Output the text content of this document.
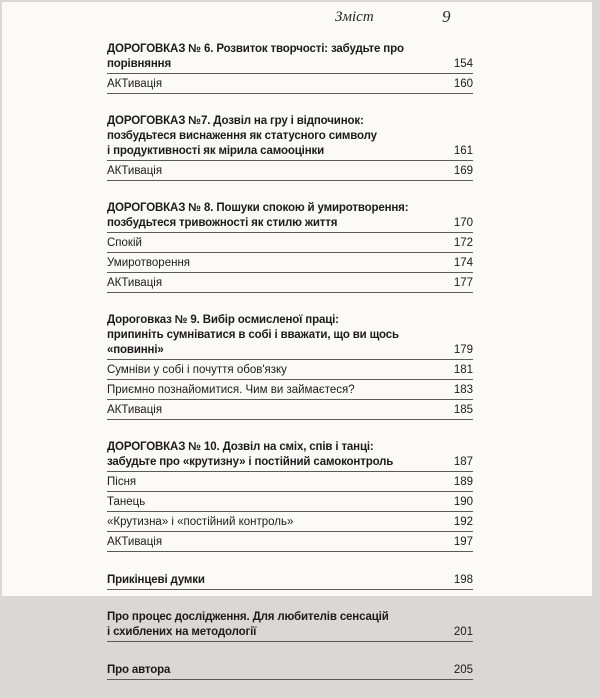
Зміст	9
ДОРОГОВКАЗ № 6. Розвиток творчості: забудьте про порівняння	154
АКТивація	160
ДОРОГОВКАЗ №7. Дозвіл на гру і відпочинок:
позбудьтеся виснаження як статусного символу
і продуктивності як мірила самооцінки	161
АКТивація	169
ДОРОГОВКАЗ № 8. Пошуки спокою й умиротворення:
позбудьтеся тривожності як стилю життя	170
Спокій	172
Умиротворення	174
АКТивація	177
Дороговказ № 9. Вибір осмисленої праці:
припиніть сумніватися в собі і вважати, що ви щось «повинні»	179
Сумніви у собі і почуття обов'язку	181
Приємно познайомитися. Чим ви займаєтеся?	183
АКТивація	185
ДОРОГОВКАЗ № 10. Дозвіл на сміх, спів і танці:
забудьте про «крутизну» і постійний самоконтроль	187
Пісня	189
Танець	190
«Крутизна» і «постійний контроль»	192
АКТивація	197
Прикінцеві думки	198
Про процес дослідження. Для любителів сенсацій
і схиблених на методології	201
Про автора	205
